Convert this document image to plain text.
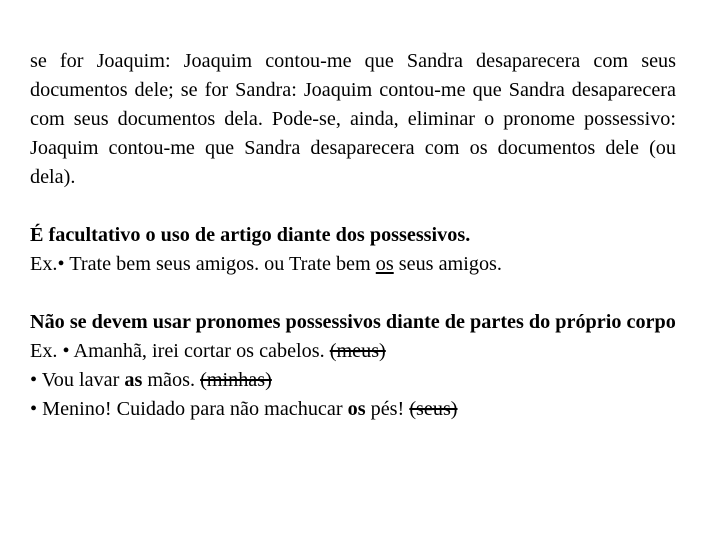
se for Joaquim: Joaquim contou-me que Sandra desaparecera com seus documentos dele; se for Sandra: Joaquim contou-me que Sandra desaparecera com seus documentos dela. Pode-se, ainda, eliminar o pronome possessivo: Joaquim contou-me que Sandra desaparecera com os documentos dele (ou dela).

É facultativo o uso de artigo diante dos possessivos.
Ex.• Trate bem seus amigos. ou Trate bem os seus amigos.

Não se devem usar pronomes possessivos diante de partes do próprio corpo

Ex. • Amanhã, irei cortar os cabelos. (meus)
• Vou lavar as mãos. (minhas)
• Menino! Cuidado para não machucar os pés! (seus)
